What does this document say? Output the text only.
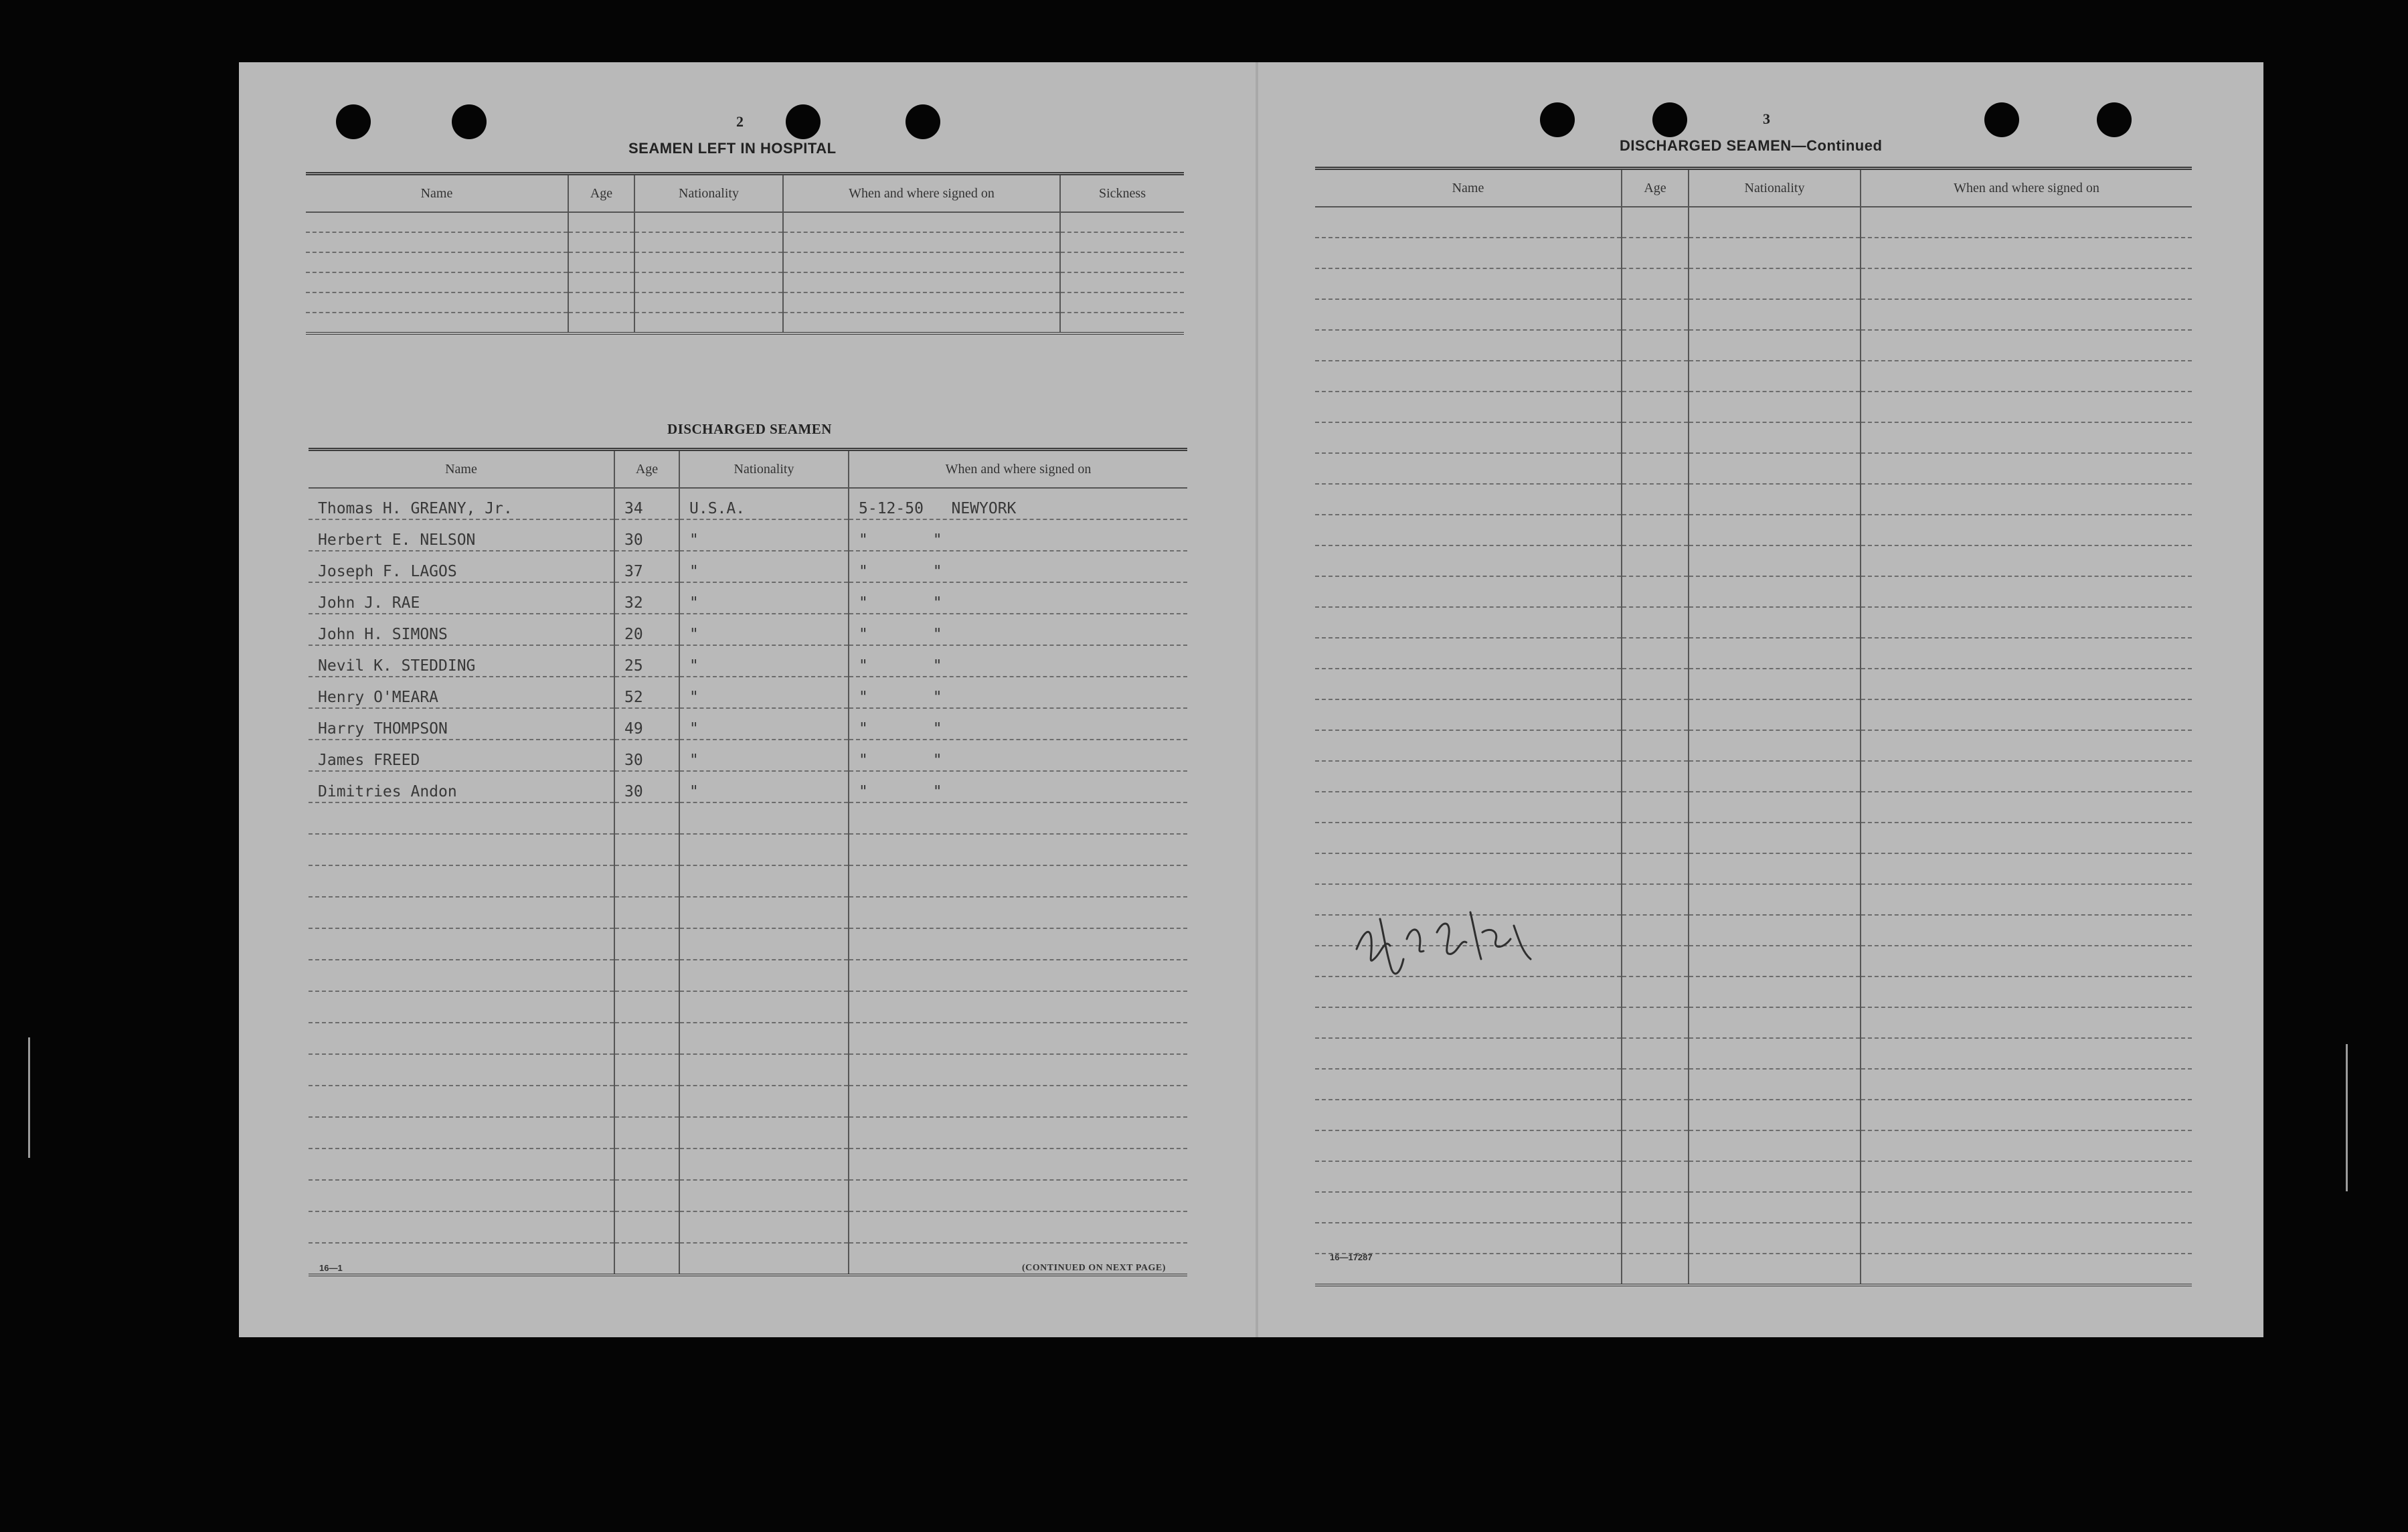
2
SEAMEN LEFT IN HOSPITAL
Name	Age	Nationality	When and where signed on	Sickness

DISCHARGED SEAMEN
Name	Age	Nationality	When and where signed on
Thomas H. GREANY, Jr.	34	U.S.A.	5-12-50   NEWYORK
Herbert E. NELSON	30	"	"       "
Joseph F. LAGOS	37	"	"       "
John J. RAE	32	"	"       "
John H. SIMONS	20	"	"       "
Nevil K. STEDDING	25	"	"       "
Henry O'MEARA	52	"	"       "
Harry THOMPSON	49	"	"       "
James FREED	30	"	"       "
Dimitries Andon	30	"	"       "

16—1	(CONTINUED ON NEXT PAGE)
3
DISCHARGED SEAMEN—Continued
Name	Age	Nationality	When and where signed on

16—17287
